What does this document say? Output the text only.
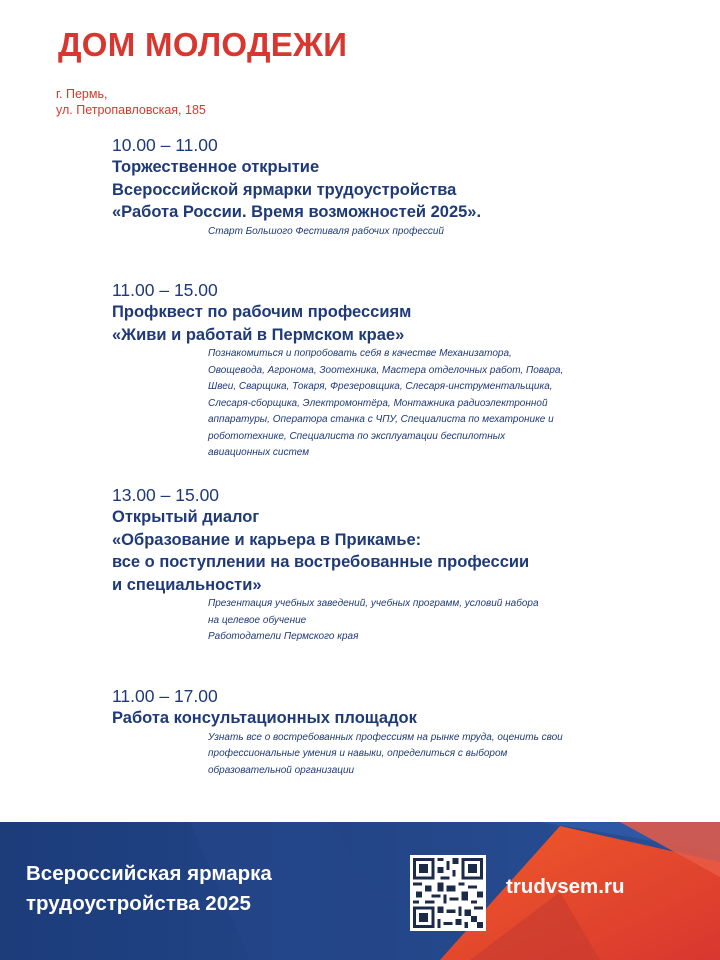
ДОМ МОЛОДЕЖИ
г. Пермь,
ул. Петропавловская, 185

10.00 – 11.00

Торжественное открытие

Всероссийской ярмарки трудоустройства

«Работа России. Время возможностей 2025».

Старт Большого Фестиваля рабочих профессий

11.00 – 15.00

Профквест по рабочим профессиям

«Живи и работай в Пермском крае»

Познакомиться и попробовать себя в качестве Механизатора,

Овощевода, Агронома, Зоотехника, Мастера отделочных работ, Повара,

Швеи, Сварщика, Токаря, Фрезеровщика, Слесаря-инструментальщика,

Слесаря-сборщика, Электромонтёра, Монтажника радиоэлектронной

аппаратуры, Оператора станка с ЧПУ, Специалиста по мехатронике и

робототехнике, Специалиста по эксплуатации беспилотных

авиационных систем

13.00 – 15.00

Открытый диалог

«Образование и карьера в Прикамье:

все о поступлении на востребованные профессии

и специальности»

Презентация учебных заведений, учебных программ, условий набора

на целевое обучение

Работодатели Пермского края

11.00 – 17.00

Работа консультационных площадок

Узнать все о востребованных профессиям на рынке труда, оценить свои

профессиональные умения и навыки, определиться с выбором

образовательной организации

Всероссийская ярмарка
трудоустройства 2025
trudvsem.ru
